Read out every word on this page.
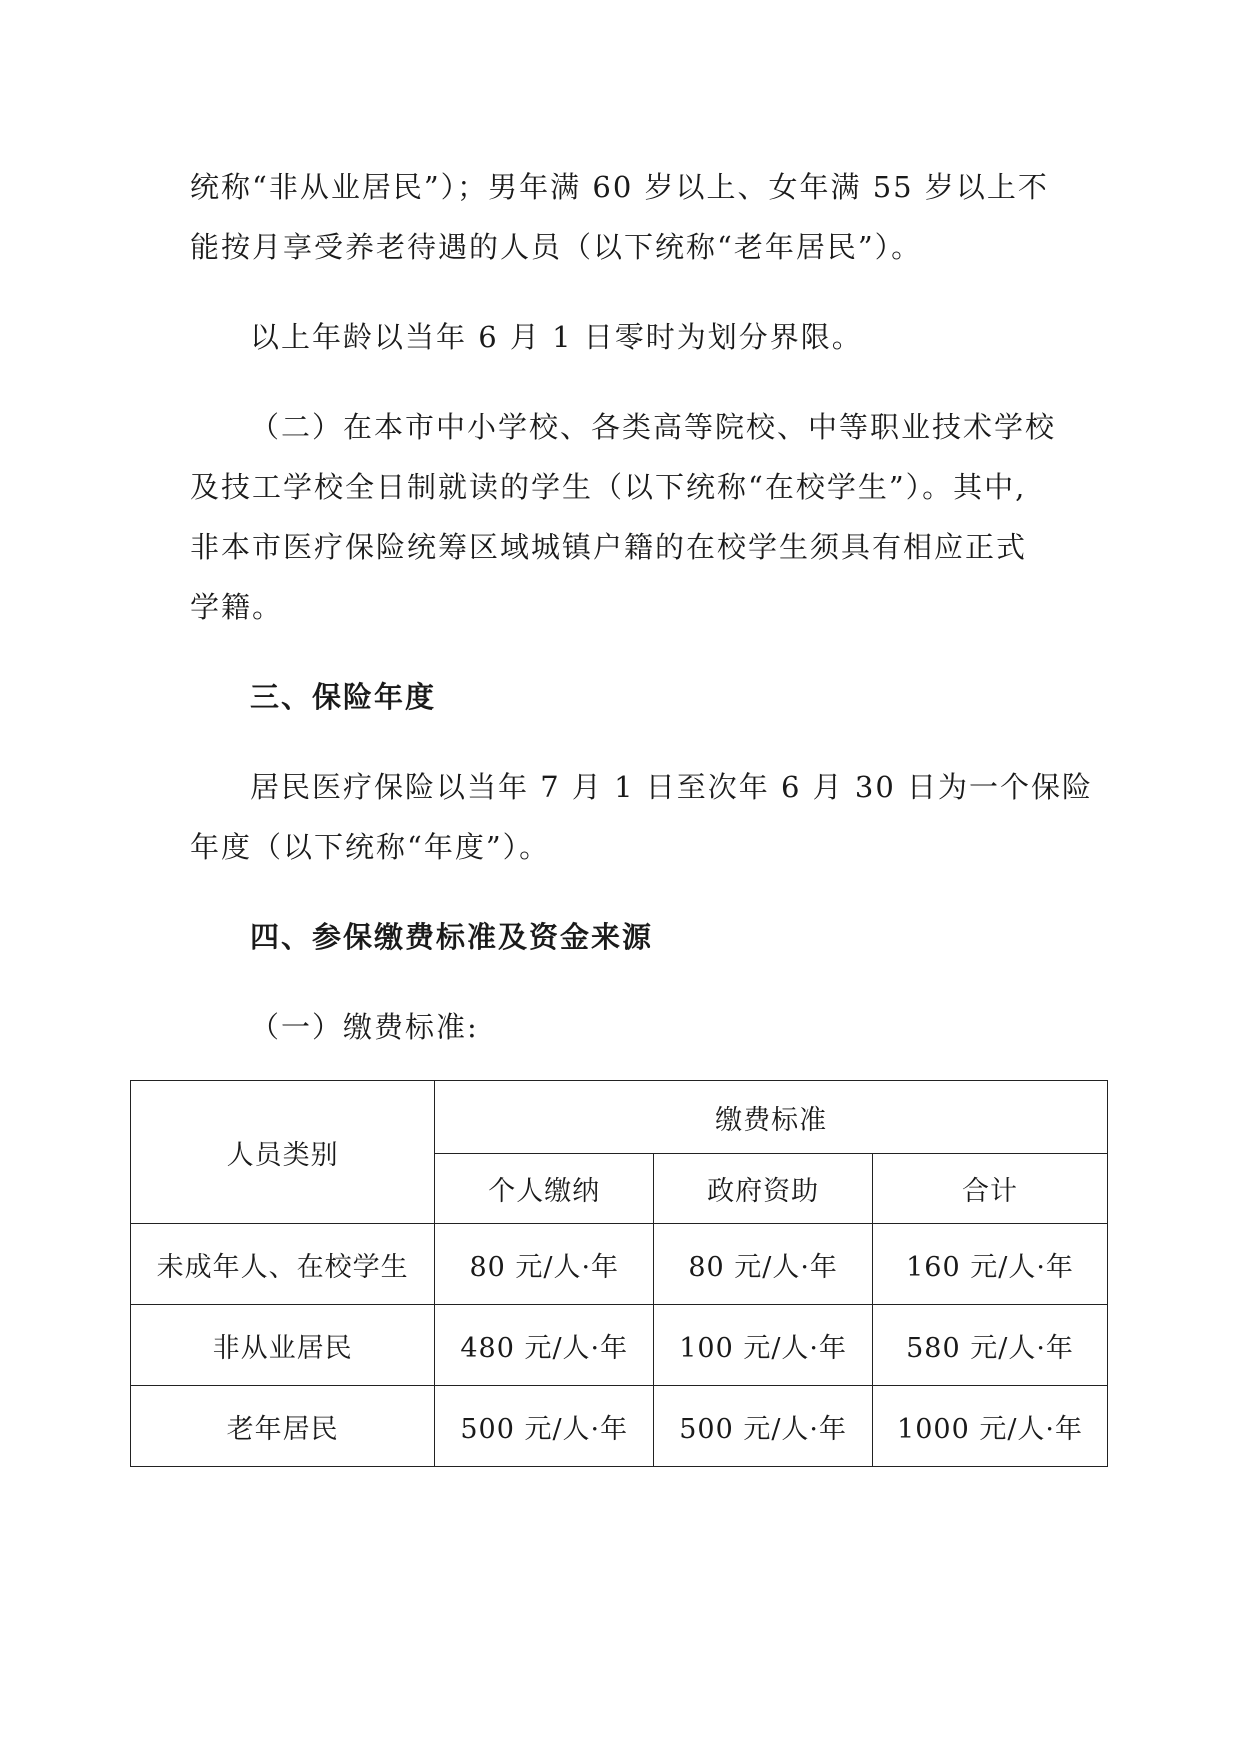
统称“非从业居民”）；男年满 60 岁以上、女年满 55 岁以上不
能按月享受养老待遇的人员（以下统称“老年居民”）。
以上年龄以当年 6 月 1 日零时为划分界限。
（二）在本市中小学校、各类高等院校、中等职业技术学校
及技工学校全日制就读的学生（以下统称“在校学生”）。其中,
非本市医疗保险统筹区域城镇户籍的在校学生须具有相应正式
学籍。
三、保险年度
居民医疗保险以当年 7 月 1 日至次年 6 月 30 日为一个保险
年度（以下统称“年度”）。
四、参保缴费标准及资金来源
（一）缴费标准:
人员类别	缴费标准		
	个人缴纳	政府资助	合计
未成年人、在校学生	80 元/人·年	80 元/人·年	160 元/人·年
非从业居民	480 元/人·年	100 元/人·年	580 元/人·年
老年居民	500 元/人·年	500 元/人·年	1000 元/人·年
